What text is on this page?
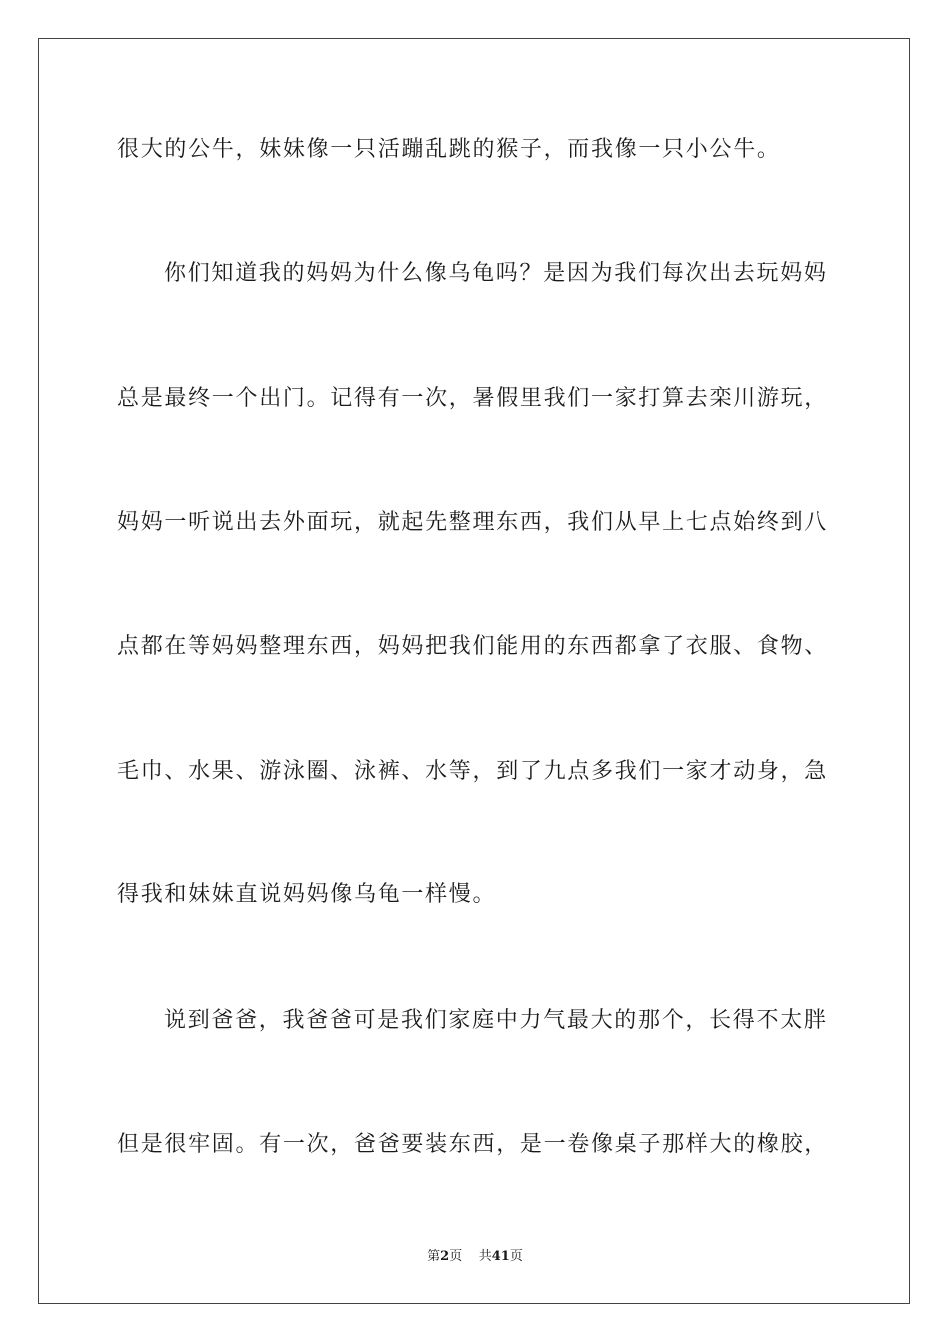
很大的公牛，妹妹像一只活蹦乱跳的猴子，而我像一只小公牛。
你们知道我的妈妈为什么像乌龟吗？是因为我们每次出去玩妈妈
总是最终一个出门。记得有一次，暑假里我们一家打算去栾川游玩，
妈妈一听说出去外面玩，就起先整理东西，我们从早上七点始终到八
点都在等妈妈整理东西，妈妈把我们能用的东西都拿了衣服、食物、
毛巾、水果、游泳圈、泳裤、水等，到了九点多我们一家才动身，急
得我和妹妹直说妈妈像乌龟一样慢。
说到爸爸，我爸爸可是我们家庭中力气最大的那个，长得不太胖
但是很牢固。有一次，爸爸要装东西，是一卷像桌子那样大的橡胶，
第2页 共41页
